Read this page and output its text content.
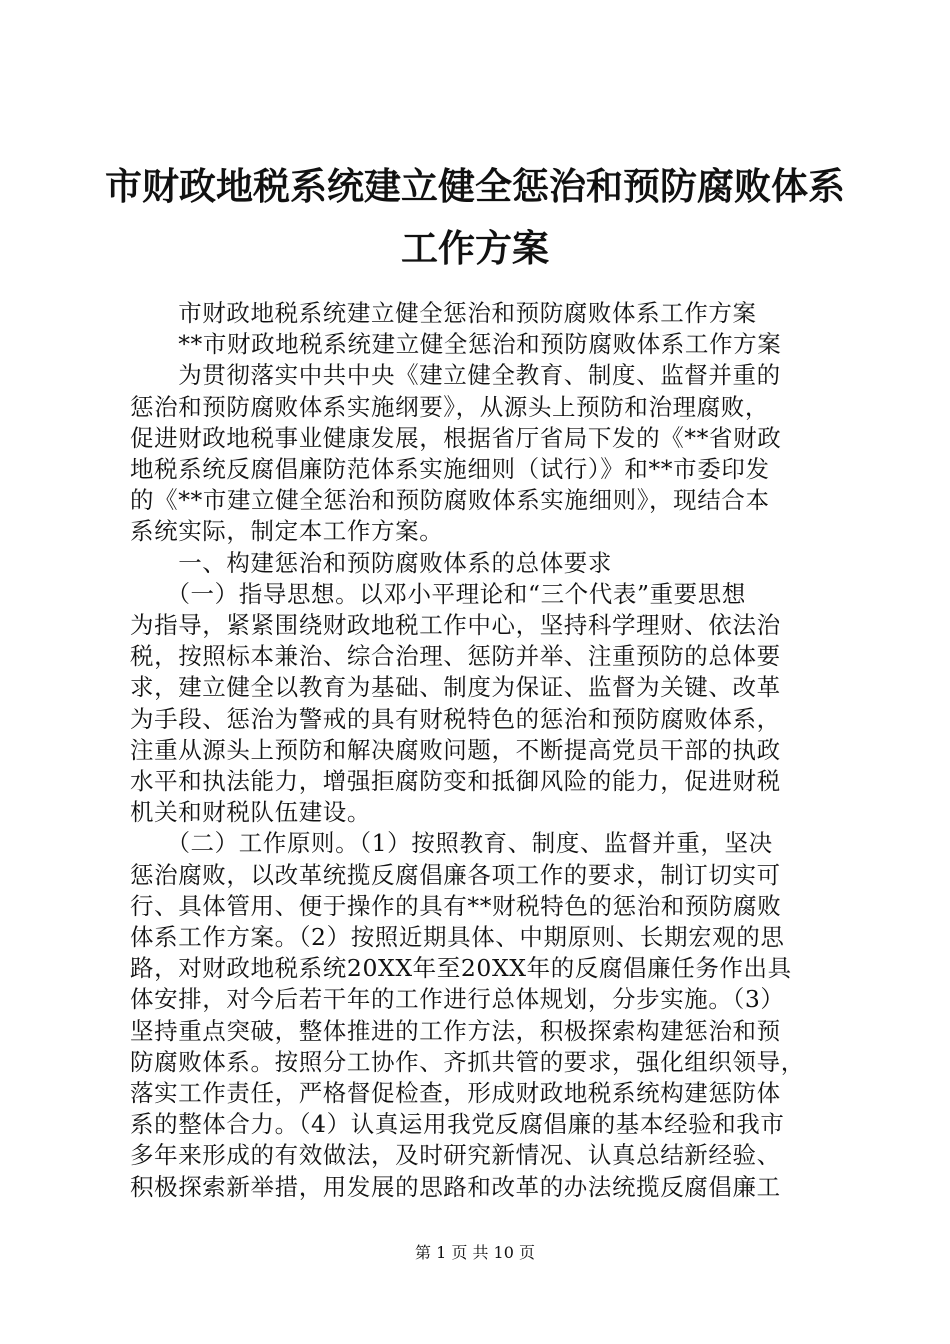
市财政地税系统建立健全惩治和预防腐败体系
工作方案
　　市财政地税系统建立健全惩治和预防腐败体系工作方案
　　**市财政地税系统建立健全惩治和预防腐败体系工作方案
　　为贯彻落实中共中央《建立健全教育、制度、监督并重的
惩治和预防腐败体系实施纲要》，从源头上预防和治理腐败，
促进财政地税事业健康发展，根据省厅省局下发的《**省财政
地税系统反腐倡廉防范体系实施细则（试行）》和**市委印发
的《**市建立健全惩治和预防腐败体系实施细则》，现结合本
系统实际，制定本工作方案。
　　一、构建惩治和预防腐败体系的总体要求
　　（一）指导思想。以邓小平理论和“三个代表”重要思想
为指导，紧紧围绕财政地税工作中心，坚持科学理财、依法治
税，按照标本兼治、综合治理、惩防并举、注重预防的总体要
求，建立健全以教育为基础、制度为保证、监督为关键、改革
为手段、惩治为警戒的具有财税特色的惩治和预防腐败体系，
注重从源头上预防和解决腐败问题，不断提高党员干部的执政
水平和执法能力，增强拒腐防变和抵御风险的能力，促进财税
机关和财税队伍建设。
　　（二）工作原则。（1）按照教育、制度、监督并重，坚决
惩治腐败，以改革统揽反腐倡廉各项工作的要求，制订切实可
行、具体管用、便于操作的具有**财税特色的惩治和预防腐败
体系工作方案。（2）按照近期具体、中期原则、长期宏观的思
路，对财政地税系统20XX年至20XX年的反腐倡廉任务作出具
体安排，对今后若干年的工作进行总体规划，分步实施。（3）
坚持重点突破，整体推进的工作方法，积极探索构建惩治和预
防腐败体系。按照分工协作、齐抓共管的要求，强化组织领导，
落实工作责任，严格督促检查，形成财政地税系统构建惩防体
系的整体合力。（4）认真运用我党反腐倡廉的基本经验和我市
多年来形成的有效做法，及时研究新情况、认真总结新经验、
积极探索新举措，用发展的思路和改革的办法统揽反腐倡廉工
第 1 页 共 10 页
